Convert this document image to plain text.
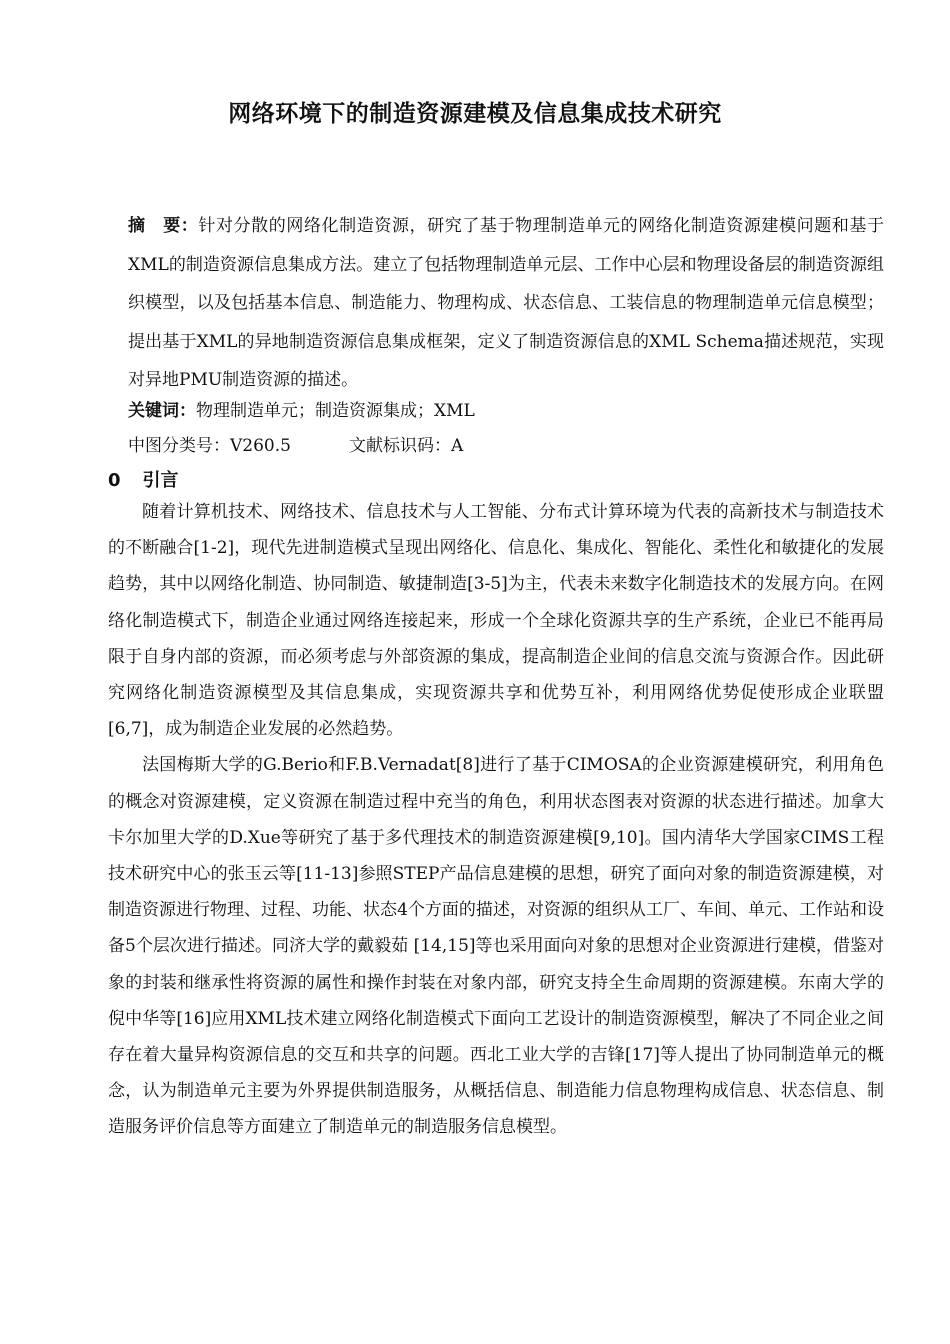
网络环境下的制造资源建模及信息集成技术研究
摘　要：针对分散的网络化制造资源，研究了基于物理制造单元的网络化制造资源建模问题和基于XML的制造资源信息集成方法。建立了包括物理制造单元层、工作中心层和物理设备层的制造资源组织模型，以及包括基本信息、制造能力、物理构成、状态信息、工装信息的物理制造单元信息模型；提出基于XML的异地制造资源信息集成框架，定义了制造资源信息的XML Schema描述规范，实现对异地PMU制造资源的描述。
关键词：物理制造单元；制造资源集成；XML
中图分类号：V260.5	文献标识码：A
0 引言

随着计算机技术、网络技术、信息技术与人工智能、分布式计算环境为代表的高新技术与制造技术的不断融合[1-2]，现代先进制造模式呈现出网络化、信息化、集成化、智能化、柔性化和敏捷化的发展趋势，其中以网络化制造、协同制造、敏捷制造[3-5]为主，代表未来数字化制造技术的发展方向。在网络化制造模式下，制造企业通过网络连接起来，形成一个全球化资源共享的生产系统，企业已不能再局限于自身内部的资源，而必须考虑与外部资源的集成，提高制造企业间的信息交流与资源合作。因此研究网络化制造资源模型及其信息集成，实现资源共享和优势互补，利用网络优势促使形成企业联盟[6,7]，成为制造企业发展的必然趋势。

法国梅斯大学的G.Berio和F.B.Vernadat[8]进行了基于CIMOSA的企业资源建模研究，利用角色的概念对资源建模，定义资源在制造过程中充当的角色，利用状态图表对资源的状态进行描述。加拿大卡尔加里大学的D.Xue等研究了基于多代理技术的制造资源建模[9,10]。国内清华大学国家CIMS工程技术研究中心的张玉云等[11-13]参照STEP产品信息建模的思想，研究了面向对象的制造资源建模，对制造资源进行物理、过程、功能、状态4个方面的描述，对资源的组织从工厂、车间、单元、工作站和设备5个层次进行描述。同济大学的戴毅茹 [14,15]等也采用面向对象的思想对企业资源进行建模，借鉴对象的封装和继承性将资源的属性和操作封装在对象内部，研究支持全生命周期的资源建模。东南大学的倪中华等[16]应用XML技术建立网络化制造模式下面向工艺设计的制造资源模型，解决了不同企业之间存在着大量异构资源信息的交互和共享的问题。西北工业大学的吉锋[17]等人提出了协同制造单元的概念，认为制造单元主要为外界提供制造服务，从概括信息、制造能力信息物理构成信息、状态信息、制造服务评价信息等方面建立了制造单元的制造服务信息模型。
